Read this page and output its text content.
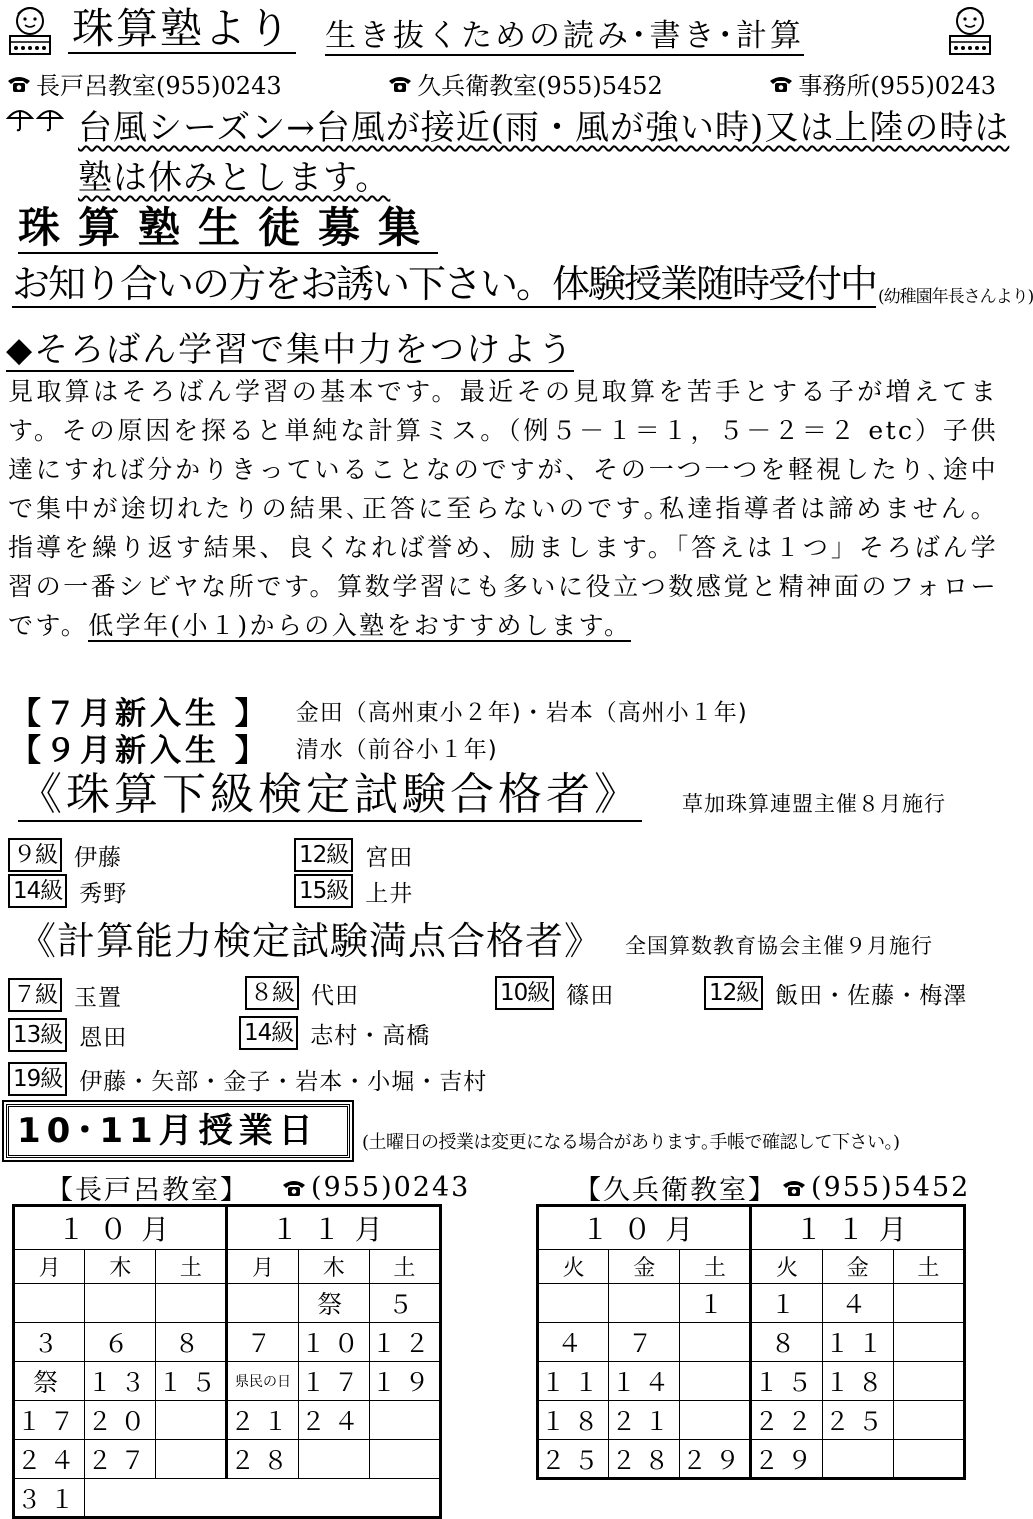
珠算塾より 生き抜くための読み･書き･計算
長戸呂教室(955)0243	久兵衛教室(955)5452	事務所(955)0243
台風シーズン→台風が接近(雨・風が強い時)又は上陸の時は
塾は休みとします。
珠算塾生徒募集
お知り合いの方をお誘い下さい。体験授業随時受付中 (幼稚園年長さんより)
◆そろばん学習で集中力をつけよう
見取算はそろばん学習の基本です。最近その見取算を苦手とする子が増えてます。その原因を探ると単純な計算ミス。（例５－１＝１，５－２＝２ etc）子供達にすれば分かりきっていることなのですが、その一つ一つを軽視したり､途中で集中が途切れたりの結果､正答に至らないのです｡私達指導者は諦めません。指導を繰り返す結果、良くなれば誉め、励まします。「答えは１つ」そろばん学習の一番シビヤな所です。算数学習にも多いに役立つ数感覚と精神面のフォローです。低学年(小１)からの入塾をおすすめします。
【７月新入生 】 金田（高州東小２年)・岩本（高州小１年)
【９月新入生 】 清水（前谷小１年)
《珠算下級検定試験合格者》 草加珠算連盟主催８月施行
９級 伊藤	12級 宮田
14級 秀野	15級 上井
《計算能力検定試験満点合格者》 全国算数教育協会主催９月施行
７級 玉置	８級 代田	10級 篠田	12級 飯田・佐藤・梅澤
13級 恩田	14級 志村・高橋
19級 伊藤・矢部・金子・岩本・小堀・吉村
10･11月授業日	(土曜日の授業は変更になる場合があります｡手帳で確認して下さい｡)
【長戸呂教室】 (955)0243	【久兵衛教室】 (955)5452
１０月			１１月		
月	木	土	月	木	土
				祭	５
３	６	８	７	１０	１２
祭	１３	１５	県民の日	１７	１９
１７	２０		２１	２４	
２４	２７		２８		
３１					
１０月			１１月		
火	金	土	火	金	土
		１	１	４	
４	７		８	１１	
１１	１４		１５	１８	
１８	２１		２２	２５	
２５	２８	２９	２９		
